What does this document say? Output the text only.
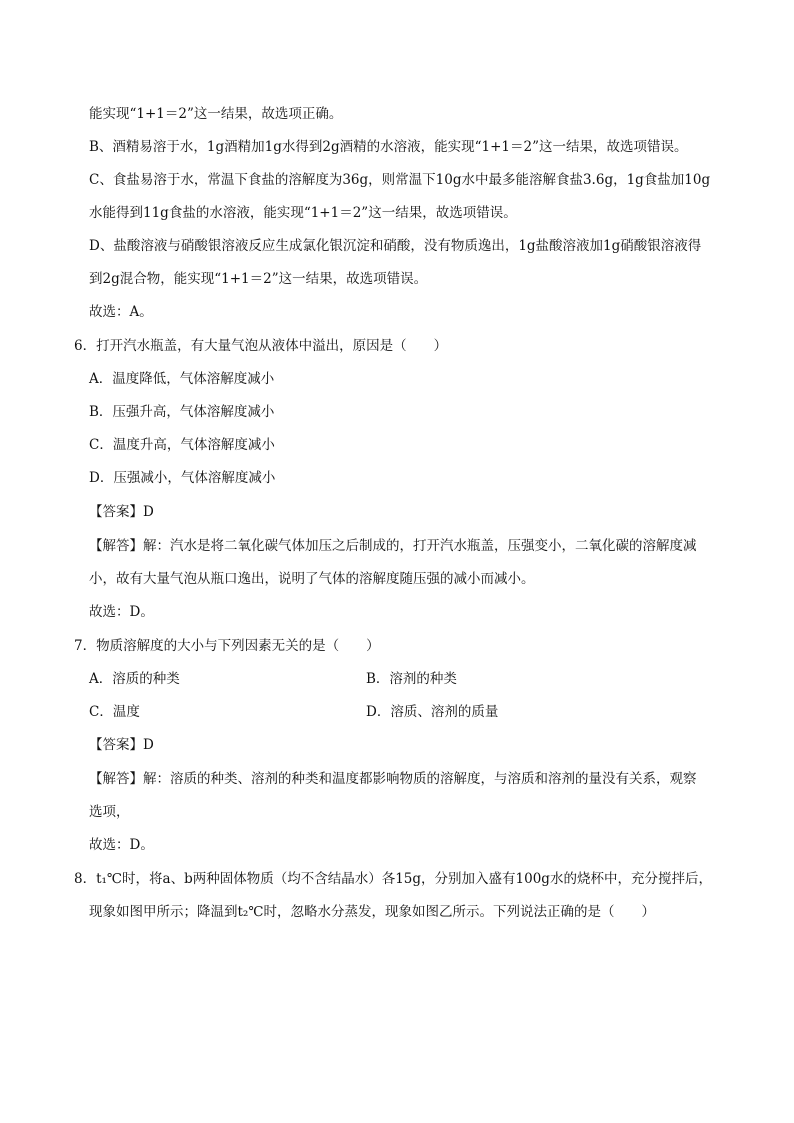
能实现“1+1＝2”这一结果，故选项正确。
B、酒精易溶于水，1g酒精加1g水得到2g酒精的水溶液，能实现“1+1＝2”这一结果，故选项错误。
C、食盐易溶于水，常温下食盐的溶解度为36g，则常温下10g水中最多能溶解食盐3.6g，1g食盐加10g
水能得到11g食盐的水溶液，能实现“1+1＝2”这一结果，故选项错误。
D、盐酸溶液与硝酸银溶液反应生成氯化银沉淀和硝酸，没有物质逸出，1g盐酸溶液加1g硝酸银溶液得
到2g混合物，能实现“1+1＝2”这一结果，故选项错误。
故选：A。
6．打开汽水瓶盖，有大量气泡从液体中溢出，原因是（　　）
A．温度降低，气体溶解度减小
B．压强升高，气体溶解度减小
C．温度升高，气体溶解度减小
D．压强减小，气体溶解度减小
【答案】D
【解答】解：汽水是将二氧化碳气体加压之后制成的，打开汽水瓶盖，压强变小，二氧化碳的溶解度减
小，故有大量气泡从瓶口逸出，说明了气体的溶解度随压强的减小而减小。
故选：D。
7．物质溶解度的大小与下列因素无关的是（　　）
A．溶质的种类	B．溶剂的种类
C．温度	D．溶质、溶剂的质量
【答案】D
【解答】解：溶质的种类、溶剂的种类和温度都影响物质的溶解度，与溶质和溶剂的量没有关系，观察
选项，
故选：D。
8．t₁℃时，将a、b两种固体物质（均不含结晶水）各15g，分别加入盛有100g水的烧杯中，充分搅拌后，
现象如图甲所示；降温到t₂℃时，忽略水分蒸发，现象如图乙所示。下列说法正确的是（　　）
